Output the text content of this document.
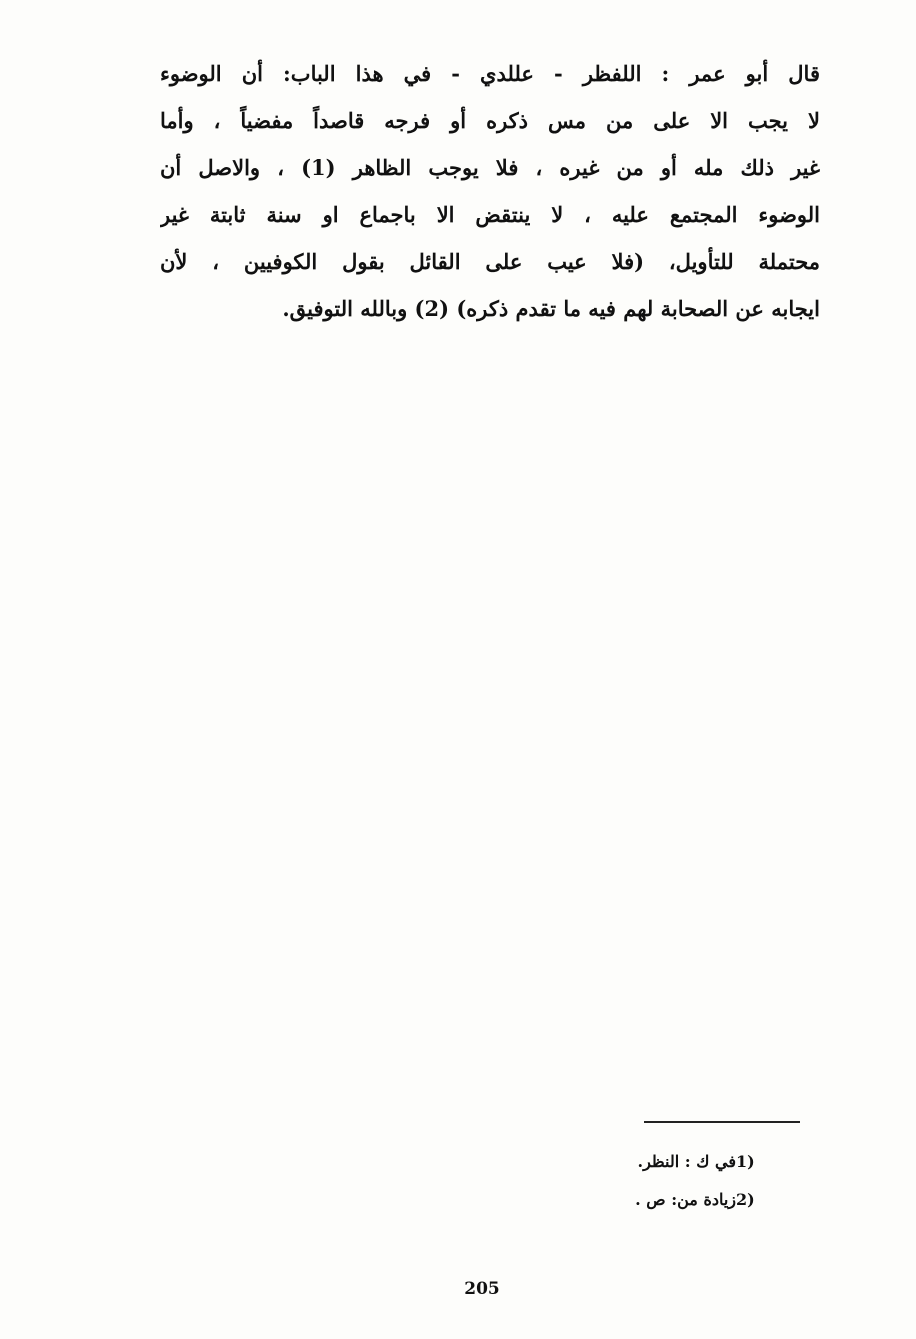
قال أبو عمر : اللفظر - عللدي - في هذا الباب: أن الوضوء
لا يجب الا على من مس ذكره أو فرجه قاصداً مفضياً ، وأما
غير ذلك مله أو من غيره ، فلا يوجب الظاهر (1) ، والاصل أن
الوضوء المجتمع عليه ، لا ينتقض الا باجماع او سنة ثابتة غير
محتملة للتأويل، (فلا عيب على القائل بقول الكوفيين ، لأن
ايجابه عن الصحابة لهم فيه ما تقدم ذكره) (2) وبالله التوفيق.
1)
في ك : النظر.
2)
زيادة من: ص .
205
